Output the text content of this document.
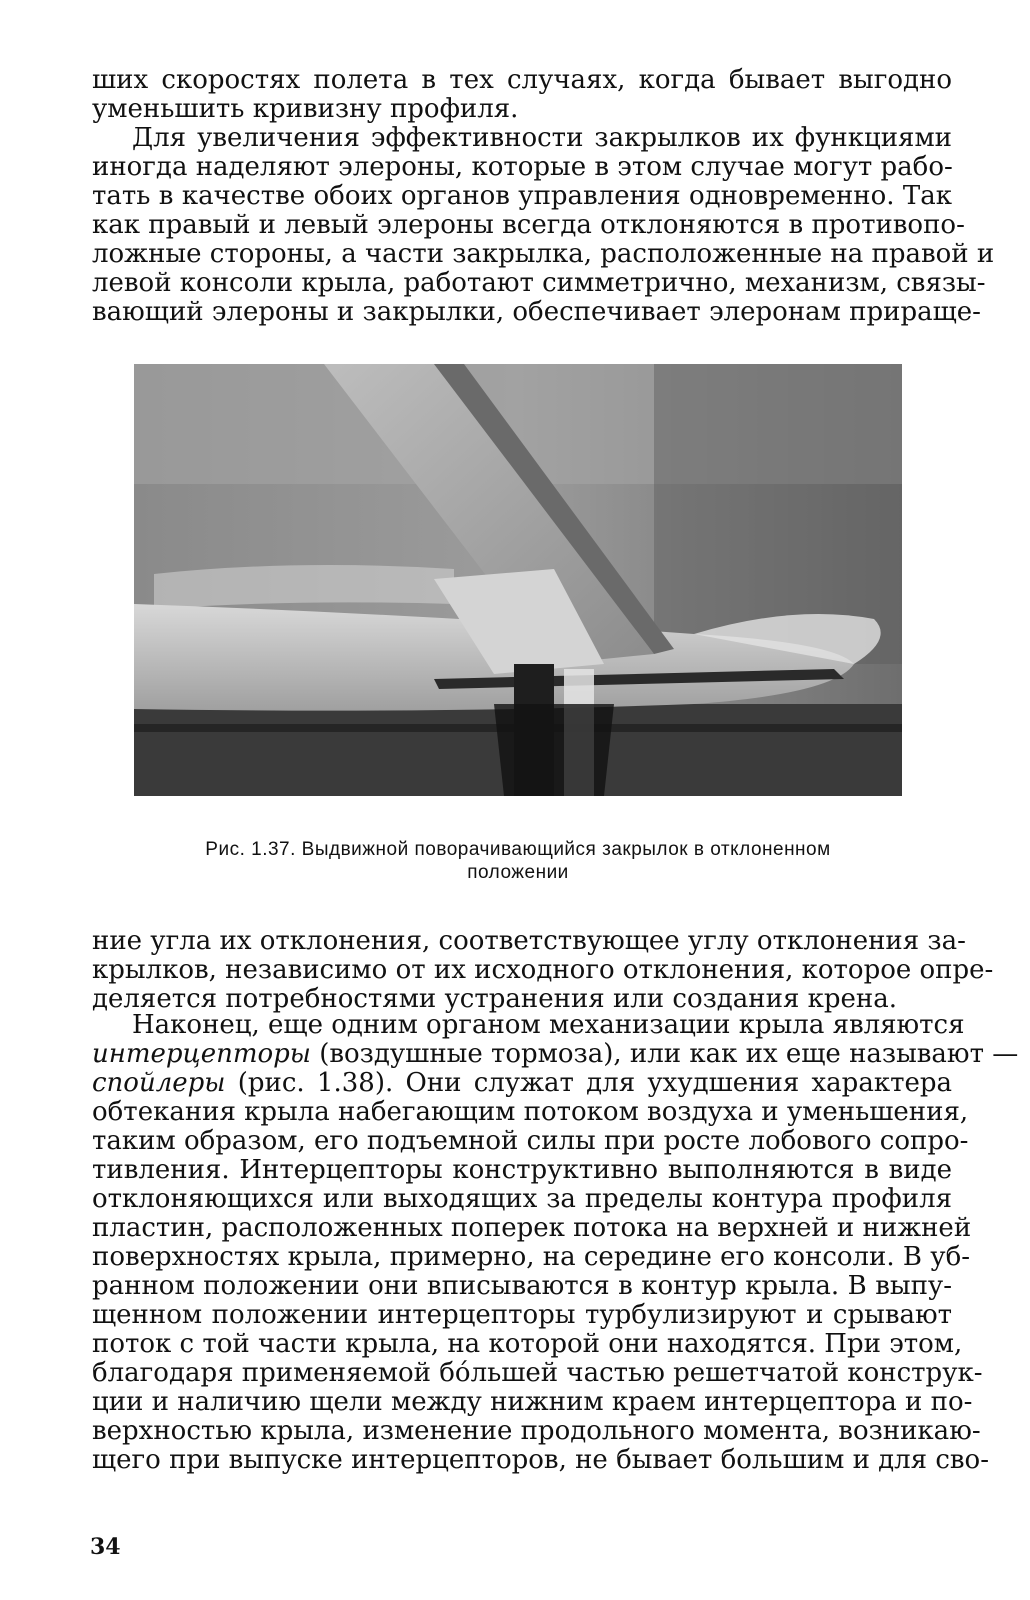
ших скоростях полета в тех случаях, когда бывает выгодно
уменьшить кривизну профиля.
Для увеличения эффективности закрылков их функциями
иногда наделяют элероны, которые в этом случае могут рабо-
тать в качестве обоих органов управления одновременно. Так
как правый и левый элероны всегда отклоняются в противопо-
ложные стороны, а части закрылка, расположенные на правой и
левой консоли крыла, работают симметрично, механизм, связы-
вающий элероны и закрылки, обеспечивает элеронам прираще-
Рис. 1.37. Выдвижной поворачивающийся закрылок в отклоненном
положении
ние угла их отклонения, соответствующее углу отклонения за-
крылков, независимо от их исходного отклонения, которое опре-
деляется потребностями устранения или создания крена.
Наконец, еще одним органом механизации крыла являются
интерцепторы (воздушные тормоза), или как их еще называют —
спойлеры (рис. 1.38). Они служат для ухудшения характера
обтекания крыла набегающим потоком воздуха и уменьшения,
таким образом, его подъемной силы при росте лобового сопро-
тивления. Интерцепторы конструктивно выполняются в виде
отклоняющихся или выходящих за пределы контура профиля
пластин, расположенных поперек потока на верхней и нижней
поверхностях крыла, примерно, на середине его консоли. В уб-
ранном положении они вписываются в контур крыла. В выпу-
щенном положении интерцепторы турбулизируют и срывают
поток с той части крыла, на которой они находятся. При этом,
благодаря применяемой бóльшей частью решетчатой конструк-
ции и наличию щели между нижним краем интерцептора и по-
верхностью крыла, изменение продольного момента, возникаю-
щего при выпуске интерцепторов, не бывает большим и для сво-
34
